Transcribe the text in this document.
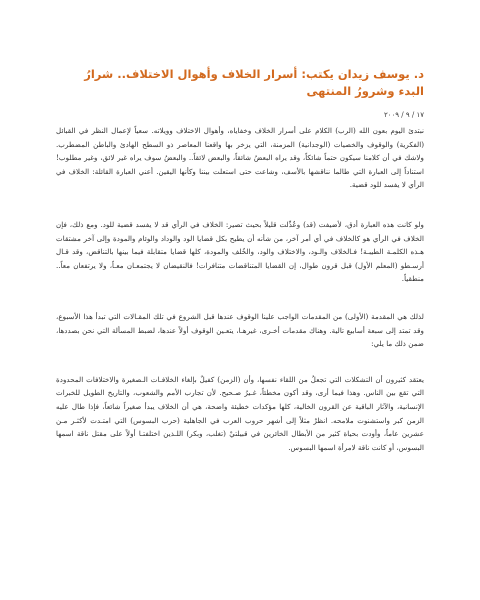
د. يوسف زيدان يكتب: أسرار الخلاف وأهوال الاختلاف.. شرارُ البدء وشرورُ المنتهى
١٧ / ٩ / ٢٠٠٩

نبتدئ اليوم بعون الله (الرب) الكلام على أسرار الخلاف وخفاياه، وأهوال الاختلاف وويلاته. سعياً لإعمال النظر في القبائل (الفكرية) والوقوف والخصيات (الوجدانية) المزمنة، التي يزخر بها واقعنا المعاصر ذو السطح الهادئ والباطن المضطرب. ولاشك في أن كلامنا سيكون حتماً شائكاً، وقد يراه البعضُ شائقاً، والبعض لائقاً.. والبعضُ سوف يراه غير لائق، وغير مطلوب! استناداً إلى العبارة التي طالما نناقشها بالأسف، وشاعت حتى استعلت بيننا وكأنها اليقين. أعني العبارة القائلة: الخلاف في الرأي لا يفسد للود قضية.

ولو كانت هذه العبارة أدق، لأضيفت (قد) وعُدِّلت قليلاً بحيث تصير: الخلاف في الرأي قد لا يفسد قضية للود. ومع ذلك، فإن الخلاف في الرأي هو كالخلاف في أي أمر آخر، من شأنه أن يطيح بكل قضايا الود والوداد والوئام والمودة وإلى آخر مشتقات هـذه الكلمـة الطيبـة! فـالخلاف والـود، والاختلاف والود، والخُلف والمودة، كلها قضايا متقابلة فيما بينها بالتناقض، وقد قـال أرسـطو (المعلم الأول) قبل قرون طوال، إن القضايا المتناقضات متنافرات! فالنقيضان لا يجتمعـان معـاً، ولا يرتفعان معاً.. منطقياً.

لذلك هي المقدمة (الأولى) من المقدمات الواجب علينا الوقوف عندها قبل الشروع في تلك المقـالات التي تبدأ هذا الأسبوع، وقد تمتد إلى سبعة أسابيع تالية. وهناك مقدمات أخـرى، غيرهـا، يتعـين الوقوف أولاً عندها، لضبط المسألة التي نحن بصددها، ضمن ذلك ما يلي:

يعتقد كثيرون أن التشكلات التي تجعلُ من اللقاء نفسها، وأن (الزمن) كفيلٌ بإلغاء الخلافـات الـصغيرة والاختلافات المحدودة التي تقع بين الناس. وهذا فيما أرى، وقد أكون مخطئاً، غـيرُ صـحيح. لأن تجارب الأمم والشعوب، والتاريخ الطويل للخبرات الإنسانية، والآثار الباقية عن القرون الخالية، كلها مؤكدات خطيئة واضحة، هي أن الخلاف يبدأ صغيراً شائعاً، فإذا طال عليه الزمن كبر واستشنوت ملامحه. انظرْ مثلاً إلى أشهر حروب العرب في الجاهلية (حرب البسوس) التي امتـدت لأكثـر مـن عشرين عاماً، وأودت بحياة كثير من الأبطال الخائرين في قبيلتيْ (تغلب، وبكر) اللـذين اختلفتـا أولاً على مقتل ناقة اسمها البسوس، أو كانت ناقة لامرأة اسمها البسوس.
